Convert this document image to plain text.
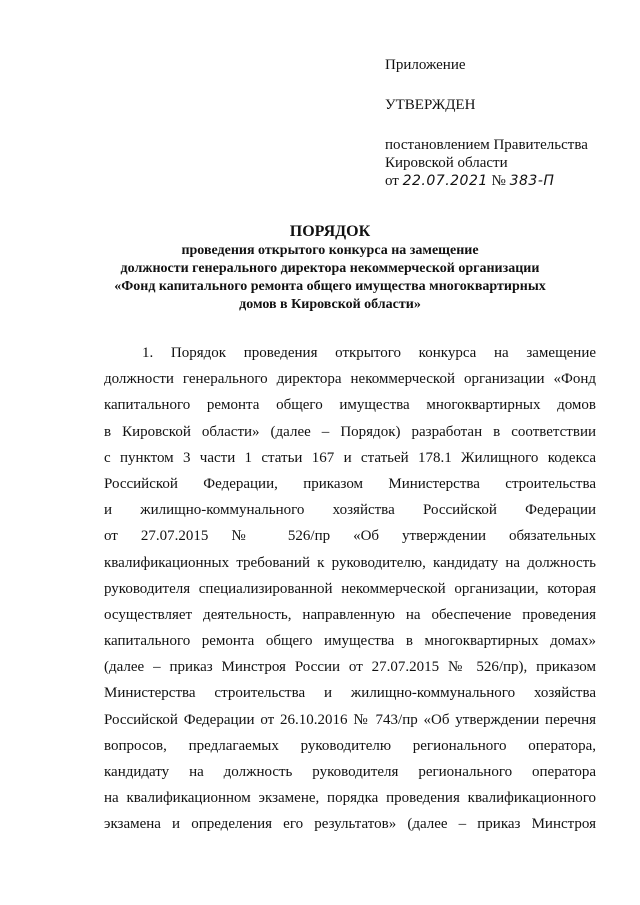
Приложение
УТВЕРЖДЕН
постановлением Правительства
Кировской области
от 22.07.2021 № 383-П
ПОРЯДОК
проведения открытого конкурса на замещение
должности генерального директора некоммерческой организации
«Фонд капитального ремонта общего имущества многоквартирных
домов в Кировской области»
1. Порядок проведения открытого конкурса на замещение
должности генерального директора некоммерческой организации «Фонд
капитального ремонта общего имущества многоквартирных домов
в Кировской области» (далее – Порядок) разработан в соответствии
с пунктом 3 части 1 статьи 167 и статьей 178.1 Жилищного кодекса
Российской Федерации, приказом Министерства строительства
и жилищно-коммунального хозяйства Российской Федерации
от 27.07.2015 № 526/пр «Об утверждении обязательных
квалификационных требований к руководителю, кандидату на должность
руководителя специализированной некоммерческой организации, которая
осуществляет деятельность, направленную на обеспечение проведения
капитального ремонта общего имущества в многоквартирных домах»
(далее – приказ Минстроя России от 27.07.2015 № 526/пр), приказом
Министерства строительства и жилищно-коммунального хозяйства
Российской Федерации от 26.10.2016 № 743/пр «Об утверждении перечня
вопросов, предлагаемых руководителю регионального оператора,
кандидату на должность руководителя регионального оператора
на квалификационном экзамене, порядка проведения квалификационного
экзамена и определения его результатов» (далее – приказ Минстроя
